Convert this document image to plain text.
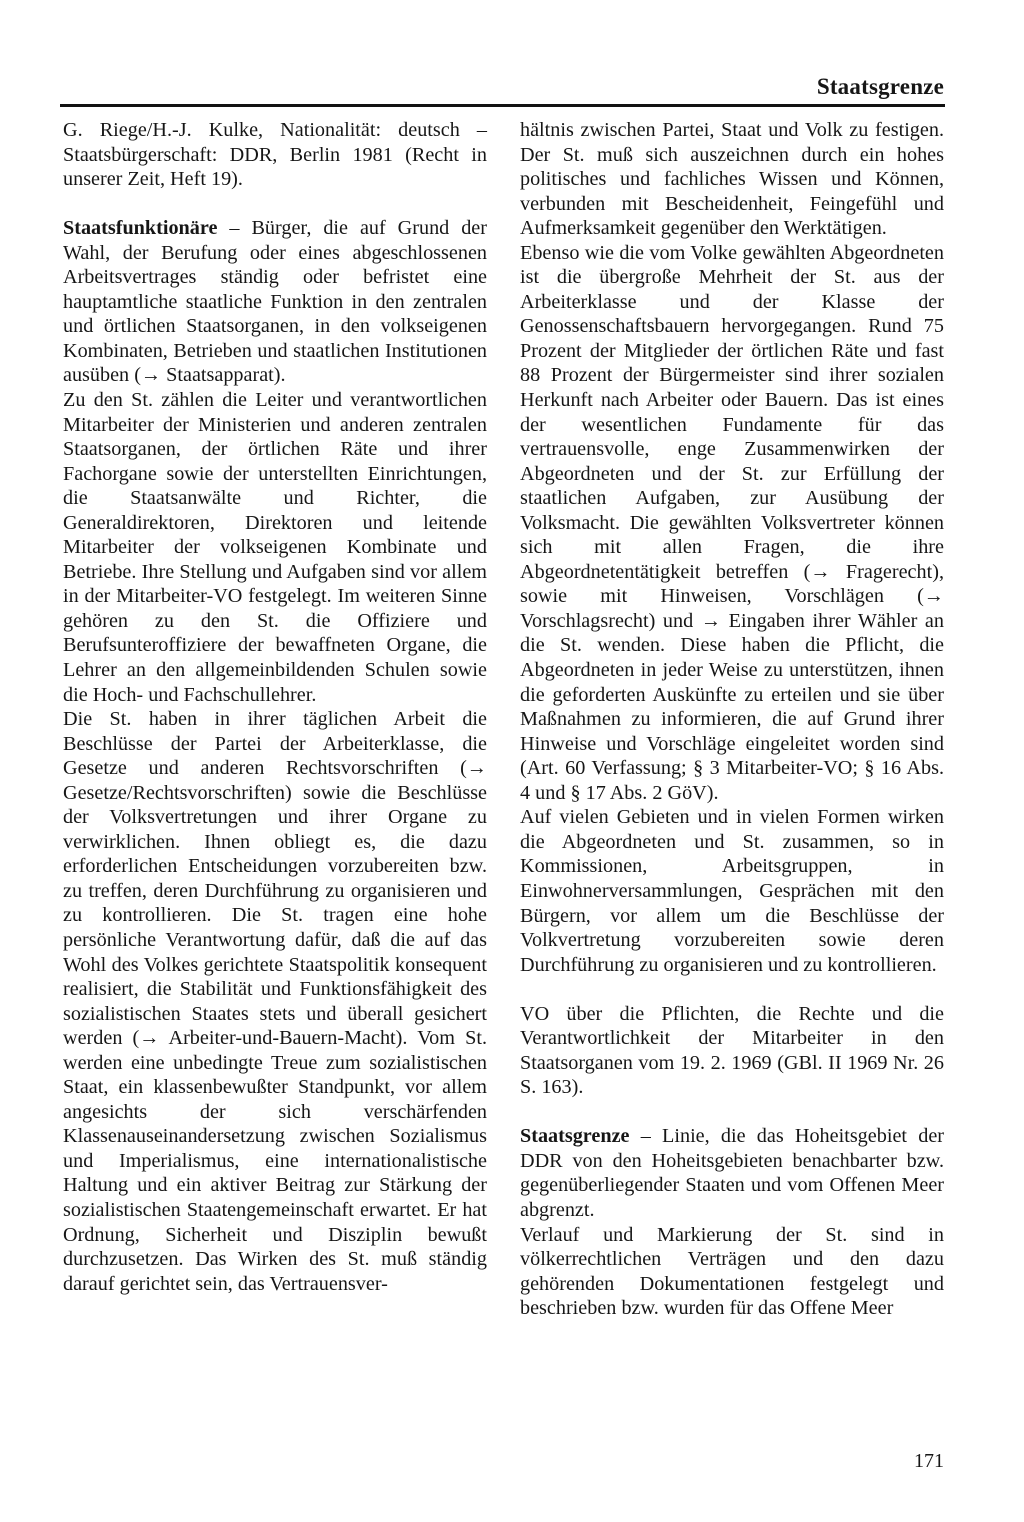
Staatsgrenze

G. Riege/H.-J. Kulke, Nationalität: deutsch – Staatsbürgerschaft: DDR, Berlin 1981 (Recht in unserer Zeit, Heft 19).

Staatsfunktionäre – Bürger, die auf Grund der Wahl, der Berufung oder eines abgeschlossenen Arbeitsvertrages ständig oder befristet eine hauptamtliche staatliche Funktion in den zentralen und örtlichen Staatsorganen, in den volkseigenen Kombinaten, Betrieben und staatlichen Institutionen ausüben (→ Staatsapparat).

Zu den St. zählen die Leiter und verantwortlichen Mitarbeiter der Ministerien und anderen zentralen Staatsorganen, der örtlichen Räte und ihrer Fachorgane sowie der unterstellten Einrichtungen, die Staatsanwälte und Richter, die Generaldirektoren, Direktoren und leitende Mitarbeiter der volkseigenen Kombinate und Betriebe. Ihre Stellung und Aufgaben sind vor allem in der Mitarbeiter-VO festgelegt. Im weiteren Sinne gehören zu den St. die Offiziere und Berufsunteroffiziere der bewaffneten Organe, die Lehrer an den allgemeinbildenden Schulen sowie die Hoch- und Fachschullehrer.

Die St. haben in ihrer täglichen Arbeit die Beschlüsse der Partei der Arbeiterklasse, die Gesetze und anderen Rechtsvorschriften (→ Gesetze/Rechtsvorschriften) sowie die Beschlüsse der Volksvertretungen und ihrer Organe zu verwirklichen. Ihnen obliegt es, die dazu erforderlichen Entscheidungen vorzubereiten bzw. zu treffen, deren Durchführung zu organisieren und zu kontrollieren. Die St. tragen eine hohe persönliche Verantwortung dafür, daß die auf das Wohl des Volkes gerichtete Staatspolitik konsequent realisiert, die Stabilität und Funktionsfähigkeit des sozialistischen Staates stets und überall gesichert werden (→ Arbeiter-und-Bauern-Macht). Vom St. werden eine unbedingte Treue zum sozialistischen Staat, ein klassenbewußter Standpunkt, vor allem angesichts der sich verschärfenden Klassenauseinandersetzung zwischen Sozialismus und Imperialismus, eine internationalistische Haltung und ein aktiver Beitrag zur Stärkung der sozialistischen Staatengemeinschaft erwartet. Er hat Ordnung, Sicherheit und Disziplin bewußt durchzusetzen. Das Wirken des St. muß ständig darauf gerichtet sein, das Vertrauensver-

hältnis zwischen Partei, Staat und Volk zu festigen. Der St. muß sich auszeichnen durch ein hohes politisches und fachliches Wissen und Können, verbunden mit Bescheidenheit, Feingefühl und Aufmerksamkeit gegenüber den Werktätigen.

Ebenso wie die vom Volke gewählten Abgeordneten ist die übergroße Mehrheit der St. aus der Arbeiterklasse und der Klasse der Genossenschaftsbauern hervorgegangen. Rund 75 Prozent der Mitglieder der örtlichen Räte und fast 88 Prozent der Bürgermeister sind ihrer sozialen Herkunft nach Arbeiter oder Bauern. Das ist eines der wesentlichen Fundamente für das vertrauensvolle, enge Zusammenwirken der Abgeordneten und der St. zur Erfüllung der staatlichen Aufgaben, zur Ausübung der Volksmacht. Die gewählten Volksvertreter können sich mit allen Fragen, die ihre Abgeordnetentätigkeit betreffen (→ Fragerecht), sowie mit Hinweisen, Vorschlägen (→ Vorschlagsrecht) und → Eingaben ihrer Wähler an die St. wenden. Diese haben die Pflicht, die Abgeordneten in jeder Weise zu unterstützen, ihnen die geforderten Auskünfte zu erteilen und sie über Maßnahmen zu informieren, die auf Grund ihrer Hinweise und Vorschläge eingeleitet worden sind (Art. 60 Verfassung; § 3 Mitarbeiter-VO; § 16 Abs. 4 und § 17 Abs. 2 GöV).

Auf vielen Gebieten und in vielen Formen wirken die Abgeordneten und St. zusammen, so in Kommissionen, Arbeitsgruppen, in Einwohnerversammlungen, Gesprächen mit den Bürgern, vor allem um die Beschlüsse der Volkvertretung vorzubereiten sowie deren Durchführung zu organisieren und zu kontrollieren.

VO über die Pflichten, die Rechte und die Verantwortlichkeit der Mitarbeiter in den Staatsorganen vom 19. 2. 1969 (GBl. II 1969 Nr. 26 S. 163).

Staatsgrenze – Linie, die das Hoheitsgebiet der DDR von den Hoheitsgebieten benachbarter bzw. gegenüberliegender Staaten und vom Offenen Meer abgrenzt.

Verlauf und Markierung der St. sind in völkerrechtlichen Verträgen und den dazu gehörenden Dokumentationen festgelegt und beschrieben bzw. wurden für das Offene Meer

171
